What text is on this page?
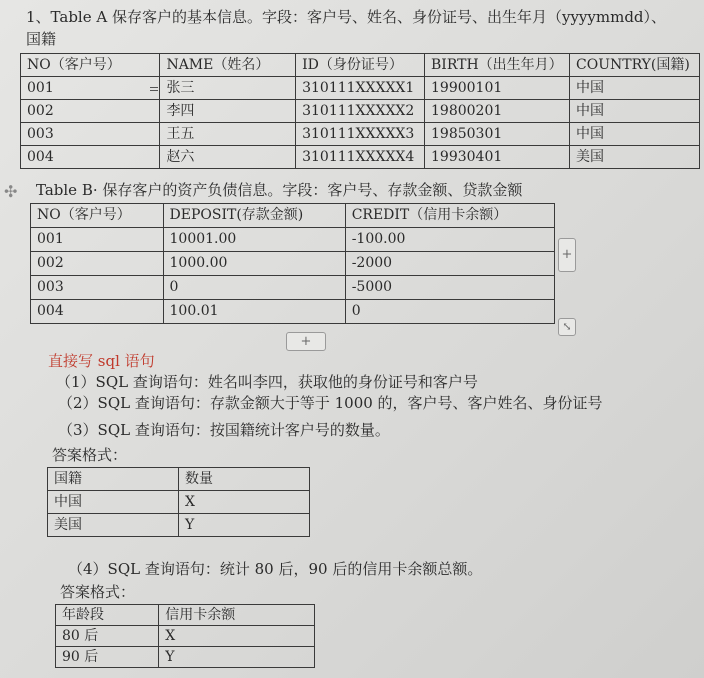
1、Table A 保存客户的基本信息。字段：客户号、姓名、身份证号、出生年月（yyyymmdd）、
国籍
NO（客户号）	NAME（姓名）	ID（身份证号）	BIRTH（出生年月）	COUNTRY(国籍)
001	张三	310111XXXXX1	19900101	中国
002	李四	310111XXXXX2	19800201	中国
003	王五	310111XXXXX3	19850301	中国
004	赵六	310111XXXXX4	19930401	美国
✣ Table B· 保存客户的资产负债信息。字段：客户号、存款金额、贷款金额
NO（客户号）	DEPOSIT(存款金额)	CREDIT（信用卡余额）
001	10001.00	-100.00
002	1000.00	-2000
003	0	-5000
004	100.01	0
+
+
⤡
直接写 sql 语句
（1）SQL 查询语句：姓名叫李四，获取他的身份证号和客户号
（2）SQL 查询语句：存款金额大于等于 1000 的，客户号、客户姓名、身份证号
（3）SQL 查询语句：按国籍统计客户号的数量。
答案格式：
国籍	数量
中国	X
美国	Y
（4）SQL 查询语句：统计 80 后，90 后的信用卡余额总额。
答案格式：
年龄段	信用卡余额
80 后	X
90 后	Y
